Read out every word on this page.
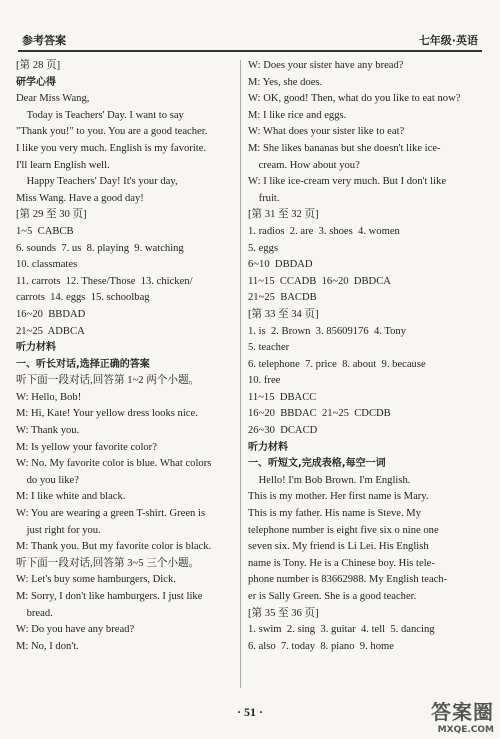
参考答案	七年级·英语
[第 28 页]
研学心得
Dear Miss Wang,
Today is Teachers' Day. I want to say
"Thank you!" to you. You are a good teacher.
I like you very much. English is my favorite.
I'll learn English well.
Happy Teachers' Day! It's your day,
Miss Wang. Have a good day!
[第 29 至 30 页]
1~5  CABCB
6. sounds  7. us  8. playing  9. watching
10. classmates
11. carrots  12. These/Those  13. chicken/
carrots  14. eggs  15. schoolbag
16~20  BBDAD
21~25  ADBCA
听力材料
一、听长对话,选择正确的答案
听下面一段对话,回答第 1~2 两个小题。
W: Hello, Bob!
M: Hi, Kate! Your yellow dress looks nice.
W: Thank you.
M: Is yellow your favorite color?
W: No. My favorite color is blue. What colors
do you like?
M: I like white and black.
W: You are wearing a green T-shirt. Green is
just right for you.
M: Thank you. But my favorite color is black.
听下面一段对话,回答第 3~5 三个小题。
W: Let's buy some hamburgers, Dick.
M: Sorry, I don't like hamburgers. I just like
bread.
W: Do you have any bread?
M: No, I don't.
W: Does your sister have any bread?
M: Yes, she does.
W: OK, good! Then, what do you like to eat now?
M: I like rice and eggs.
W: What does your sister like to eat?
M: She likes bananas but she doesn't like ice-
cream. How about you?
W: I like ice-cream very much. But I don't like
fruit.
[第 31 至 32 页]
1. radios  2. are  3. shoes  4. women
5. eggs
6~10  DBDAD
11~15  CCADB  16~20  DBDCA
21~25  BACDB
[第 33 至 34 页]
1. is  2. Brown  3. 85609176  4. Tony
5. teacher
6. telephone  7. price  8. about  9. because
10. free
11~15  DBACC
16~20  BBDAC  21~25  CDCDB
26~30  DCACD
听力材料
一、听短文,完成表格,每空一词
Hello! I'm Bob Brown. I'm English.
This is my mother. Her first name is Mary.
This is my father. His name is Steve. My
telephone number is eight five six o nine one
seven six. My friend is Li Lei. His English
name is Tony. He is a Chinese boy. His tele-
phone number is 83662988. My English teach-
er is Sally Green. She is a good teacher.
[第 35 至 36 页]
1. swim  2. sing  3. guitar  4. tell  5. dancing
6. also  7. today  8. piano  9. home
· 51 ·	答案圈
MXQE.COM
